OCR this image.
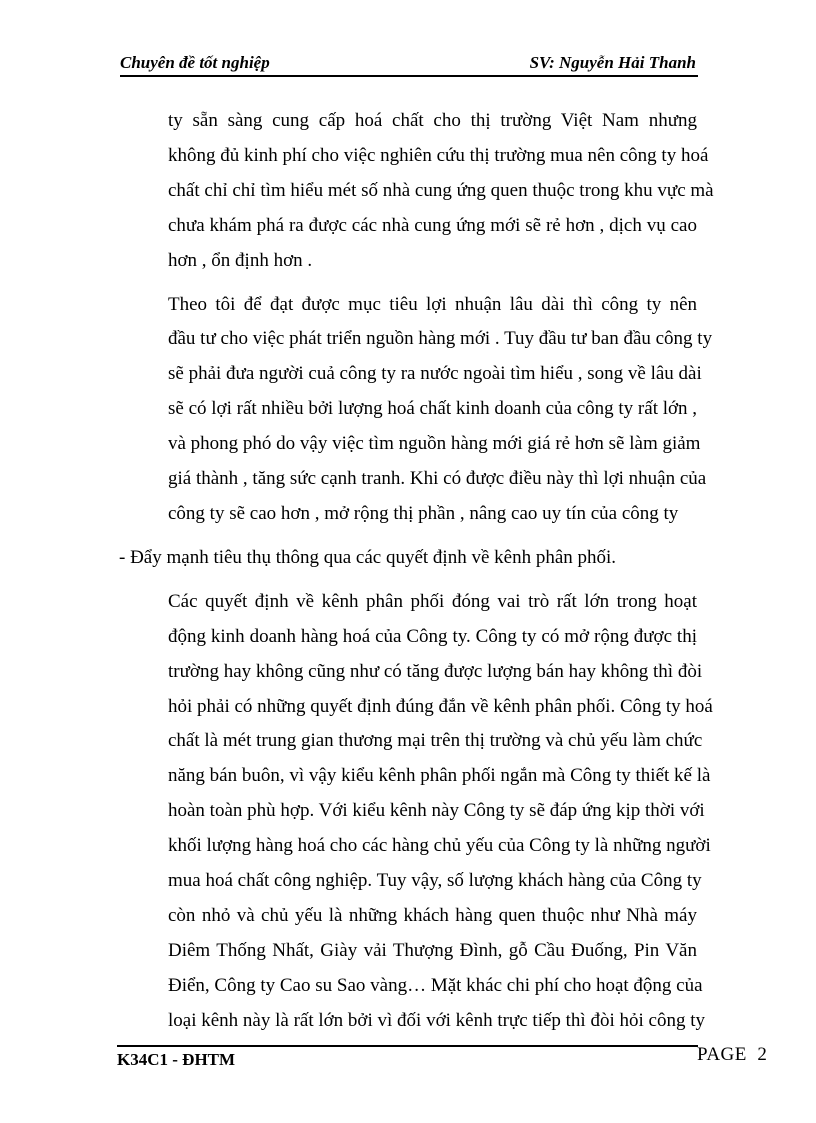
Chuyên đề tốt nghiệp	SV: Nguyễn Hải Thanh

ty sẵn sàng cung cấp hoá chất cho thị trường Việt Nam nhưng
không đủ kinh phí cho việc nghiên cứu thị trường mua nên công ty hoá
chất chỉ chỉ tìm hiểu mét số nhà cung ứng quen thuộc trong khu vực mà
chưa khám phá ra được các nhà cung ứng mới sẽ rẻ hơn , dịch vụ cao
hơn , ổn định hơn .

Theo tôi để đạt được mục tiêu lợi nhuận lâu dài thì công ty nên
đầu tư cho việc phát triển nguồn hàng mới . Tuy đầu tư ban đầu công ty
sẽ phải đưa người cuả công ty ra nước ngoài tìm hiểu , song về lâu dài
sẽ có lợi rất nhiều bởi lượng hoá chất kinh doanh của công ty rất lớn ,
và phong phó do vậy việc tìm nguồn hàng mới giá rẻ hơn sẽ làm giảm
giá thành , tăng sức cạnh tranh. Khi có được điều này thì lợi nhuận của
công ty sẽ cao hơn , mở rộng thị phần , nâng cao uy tín của công ty

- Đẩy mạnh tiêu thụ thông qua các quyết định về kênh phân phối.

Các quyết định về kênh phân phối đóng vai trò rất lớn trong hoạt
động kinh doanh hàng hoá của Công ty. Công ty có mở rộng được thị
trường hay không cũng như có tăng được lượng bán hay không thì đòi
hỏi phải có những quyết định đúng đắn về kênh phân phối. Công ty hoá
chất là mét trung gian thương mại trên thị trường và chủ yếu làm chức
năng bán buôn, vì vậy kiểu kênh phân phối ngắn mà Công ty thiết kế là
hoàn toàn phù hợp. Với kiểu kênh này Công ty sẽ đáp ứng kịp thời với
khối lượng hàng hoá cho các hàng chủ yếu của Công ty là những người
mua hoá chất công nghiệp. Tuy vậy, số lượng khách hàng của Công ty
còn nhỏ và chủ yếu là những khách hàng quen thuộc như Nhà máy
Diêm Thống Nhất, Giày vải Thượng Đình, gỗ Cầu Đuống, Pin Văn
Điển, Công ty Cao su Sao vàng… Mặt khác chi phí cho hoạt động của
loại kênh này là rất lớn bởi vì đối với kênh trực tiếp thì đòi hỏi công ty

K34C1 - ĐHTM	PAGE 2
